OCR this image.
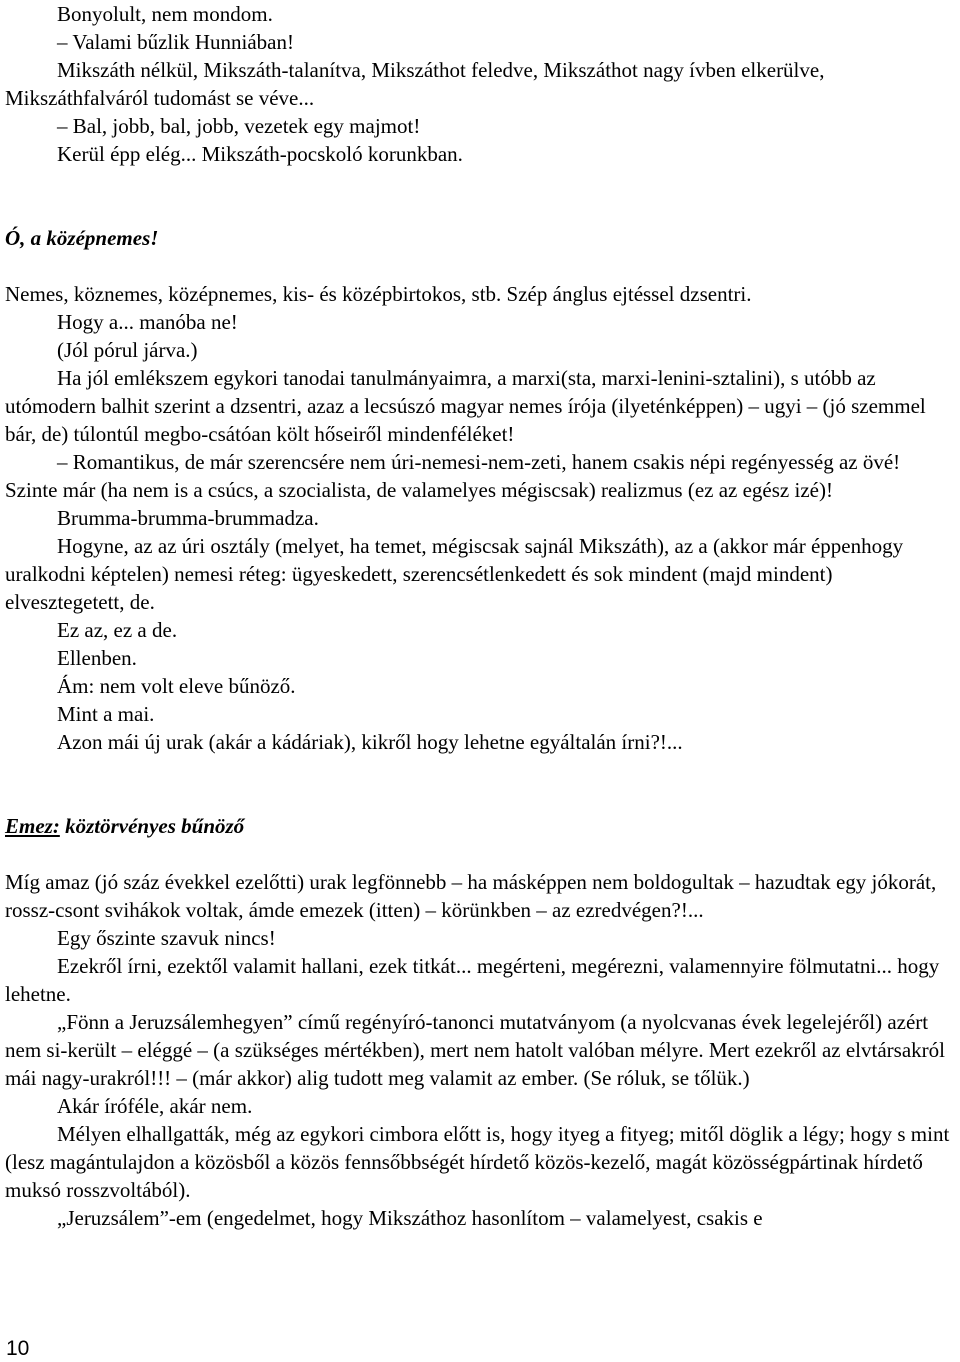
Bonyolult, nem mondom.

– Valami bűzlik Hunniában!

Mikszáth nélkül, Mikszáth-talanítva, Mikszáthot feledve, Mikszáthot nagy ívben elkerülve, Mikszáthfalváról tudomást se véve...

– Bal, jobb, bal, jobb, vezetek egy majmot!

Kerül épp elég... Mikszáth-pocskoló korunkban.

Ó, a középnemes!

Nemes, köznemes, középnemes, kis- és középbirtokos, stb. Szép ánglus ejtéssel dzsentri.

Hogy a... manóba ne!

(Jól pórul járva.)

Ha jól emlékszem egykori tanodai tanulmányaimra, a marxi(sta, marxi-lenini-sztalini), s utóbb az utómodern balhit szerint a dzsentri, azaz a lecsúszó magyar nemes írója (ilyeténképpen) – ugyi – (jó szemmel bár, de) túlontúl megbo-csátóan költ hőseiről mindenféléket!

– Romantikus, de már szerencsére nem úri-nemesi-nem-zeti, hanem csakis népi regényesség az övé! Szinte már (ha nem is a csúcs, a szocialista, de valamelyes mégiscsak) realizmus (ez az egész izé)!

Brumma-brumma-brummadza.

Hogyne, az az úri osztály (melyet, ha temet, mégiscsak sajnál Mikszáth), az a (akkor már éppenhogy uralkodni képtelen) nemesi réteg: ügyeskedett, szerencsétlenkedett és sok mindent (majd mindent) elvesztegetett, de.

Ez az, ez a de.

Ellenben.

Ám: nem volt eleve bűnöző.

Mint a mai.

Azon mái új urak (akár a kádáriak), kikről hogy lehetne egyáltalán írni?!...

Emez: köztörvényes bűnöző

Míg amaz (jó száz évekkel ezelőtti) urak legfönnebb – ha másképpen nem boldogultak – hazudtak egy jókorát, rossz-csont svihákok voltak, ámde emezek (itten) – körünkben – az ezredvégen?!...

Egy őszinte szavuk nincs!

Ezekről írni, ezektől valamit hallani, ezek titkát... megérteni, megérezni, valamennyire fölmutatni... hogy lehetne.

„Fönn a Jeruzsálemhegyen” című regényíró-tanonci mutatványom (a nyolcvanas évek legelejéről) azért nem si-került – eléggé – (a szükséges mértékben), mert nem hatolt valóban mélyre. Mert ezekről az elvtársakról mái nagy-urakról!!! – (már akkor) alig tudott meg valamit az ember. (Se róluk, se tőlük.)

Akár írófélе, akár nem.

Mélyen elhallgatták, még az egykori cimbora előtt is, hogy ityeg a fityeg; mitől döglik a légy; hogy s mint (lesz magántulajdon a közösből a közös fennsőbbségét hírdető közös-kezelő, magát közösségpártinak hírdető muksó rosszvoltából).

„Jeruzsálem”-em (engedelmet, hogy Mikszáthoz hasonlítom – valamelyest, csakis e

10
